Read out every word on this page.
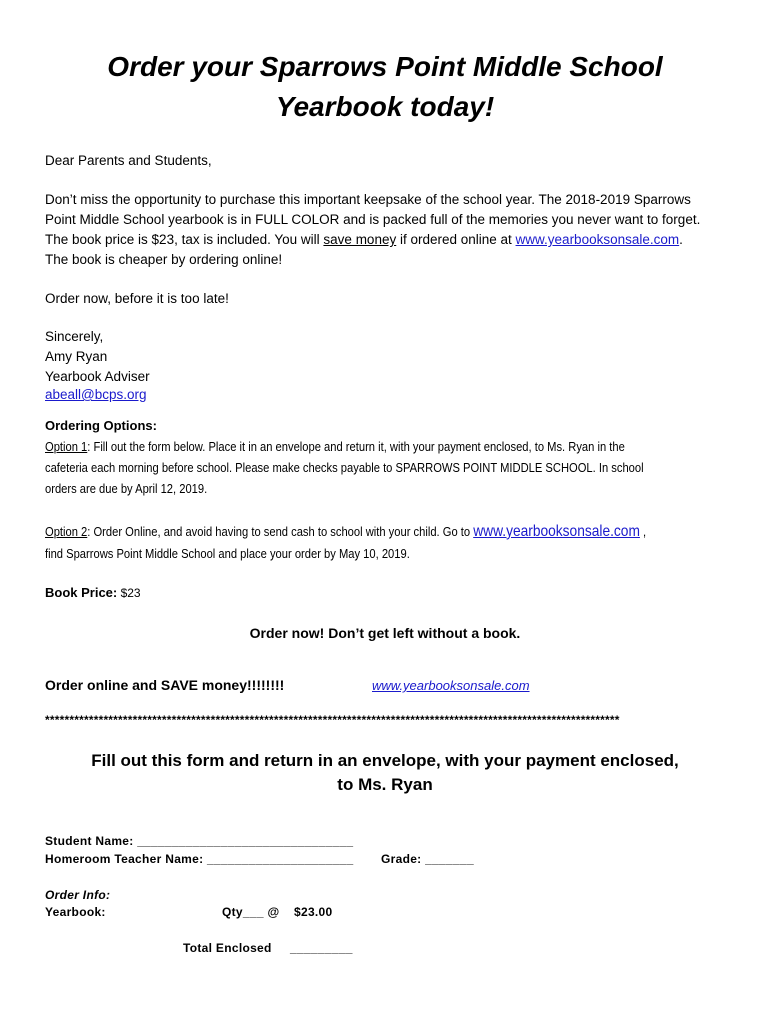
Order your Sparrows Point Middle School
Yearbook today!
Dear Parents and Students,
Don’t miss the opportunity to purchase this important keepsake of the school year. The 2018-2019 Sparrows
Point Middle School yearbook is in FULL COLOR and is packed full of the memories you never want to forget.
The book price is $23, tax is included. You will save money if ordered online at www.yearbooksonsale.com.
The book is cheaper by ordering online!
Order now, before it is too late!
Sincerely,
Amy Ryan
Yearbook Adviser
abeall@bcps.org
Ordering Options:
Option 1: Fill out the form below. Place it in an envelope and return it, with your payment enclosed, to Ms. Ryan in the
cafeteria each morning before school. Please make checks payable to SPARROWS POINT MIDDLE SCHOOL. In school
orders are due by April 12, 2019.
Option 2: Order Online, and avoid having to send cash to school with your child. Go to www.yearbooksonsale.com ,
find Sparrows Point Middle School and place your order by May 10, 2019.
Book Price: $23
Order now! Don’t get left without a book.
Order online and SAVE money!!!!!!!!	www.yearbooksonsale.com
**********************************************************************************************************************
Fill out this form and return in an envelope, with your payment enclosed,
to Ms. Ryan
Student Name: _______________________________
Homeroom Teacher Name: _____________________ Grade: _______
Order Info:
Yearbook:	Qty___ @ $23.00
Total Enclosed _________
